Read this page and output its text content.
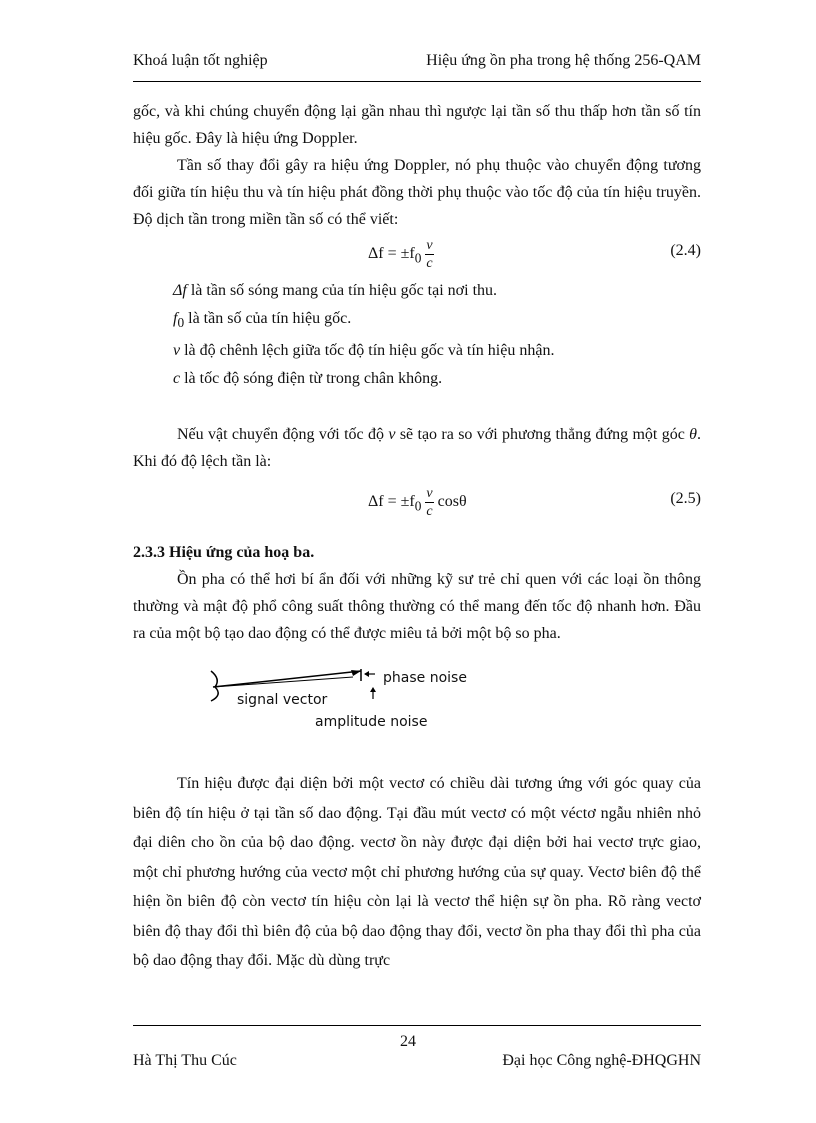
Khoá luận tốt nghiệp	Hiệu ứng ồn pha trong hệ thống 256-QAM

gốc, và khi chúng chuyển động lại gần nhau thì ngược lại tần số thu thấp hơn tần số tín hiệu gốc. Đây là hiệu ứng Doppler.

Tần số thay đổi gây ra hiệu ứng Doppler, nó phụ thuộc vào chuyển động tương đối giữa tín hiệu thu và tín hiệu phát đồng thời phụ thuộc vào tốc độ của tín hiệu truyền. Độ dịch tần trong miền tần số có thể viết:

$\Delta f = \pm f_0 \frac{v}{c}$	(2.4)

Δf là tần số sóng mang của tín hiệu gốc tại nơi thu.

$f_0$ là tần số của tín hiệu gốc.

v là độ chênh lệch giữa tốc độ tín hiệu gốc và tín hiệu nhận.

c là tốc độ sóng điện từ trong chân không.

Nếu vật chuyển động với tốc độ v sẽ tạo ra so với phương thẳng đứng một góc θ. Khi đó độ lệch tần là:

$\Delta f = \pm f_0 \frac{v}{c}$ cosθ	(2.5)

2.3.3 Hiệu ứng của hoạ ba.

Ồn pha có thể hơi bí ẩn đối với những kỹ sư trẻ chỉ quen với các loại ồn thông thường và mật độ phổ công suất thông thường có thể mang đến tốc độ nhanh hơn. Đầu ra của một bộ tạo dao động có thể được miêu tả bởi một bộ so pha.

phase noise
signal vector
amplitude noise

Tín hiệu được đại diện bởi một vectơ có chiều dài tương ứng với góc quay của biên độ tín hiệu ở tại tần số dao động. Tại đầu mút vectơ có một véctơ ngẫu nhiên nhỏ đại diên cho ồn của bộ dao động. vectơ ồn này được đại diện bởi hai vectơ trực giao, một chỉ phương hướng của vectơ một chỉ phương hướng của sự quay. Vectơ biên độ thể hiện ồn biên độ còn vectơ tín hiệu còn lại là vectơ thể hiện sự ồn pha. Rõ ràng vectơ biên độ thay đổi thì biên độ của bộ dao động thay đổi, vectơ ồn pha thay đổi thì pha của bộ dao động thay đổi. Mặc dù dùng trực

24
Hà Thị Thu Cúc	Đại học Công nghệ-ĐHQGHN
